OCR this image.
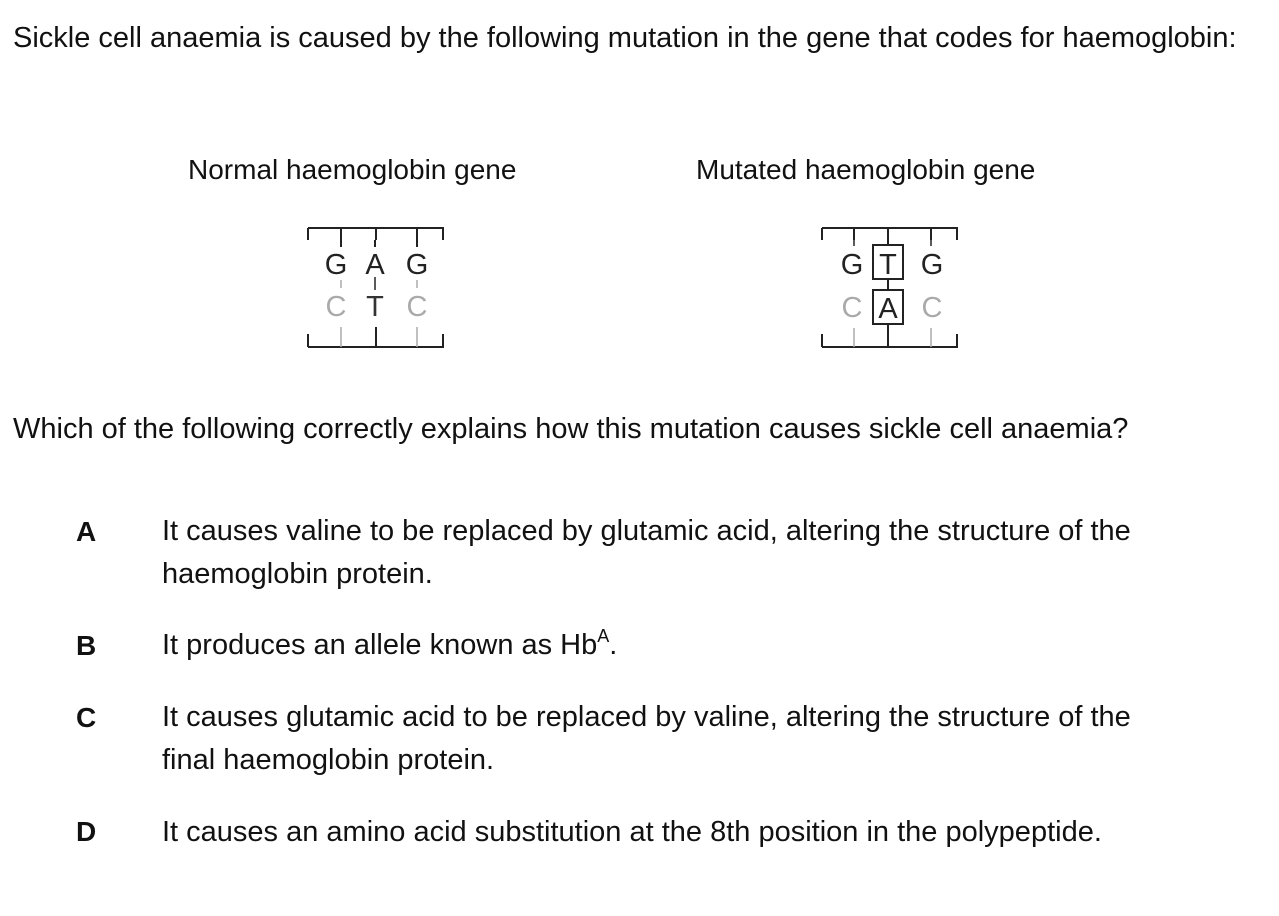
Sickle cell anaemia is caused by the following mutation in the gene that codes for haemoglobin:

Normal haemoglobin gene	Mutated haemoglobin gene
G A G
C T C
G T G
C A C

Which of the following correctly explains how this mutation causes sickle cell anaemia?

A It causes valine to be replaced by glutamic acid, altering the structure of the haemoglobin protein.

B It produces an allele known as $Hb^A$.

C It causes glutamic acid to be replaced by valine, altering the structure of the final haemoglobin protein.

D It causes an amino acid substitution at the 8th position in the polypeptide.
